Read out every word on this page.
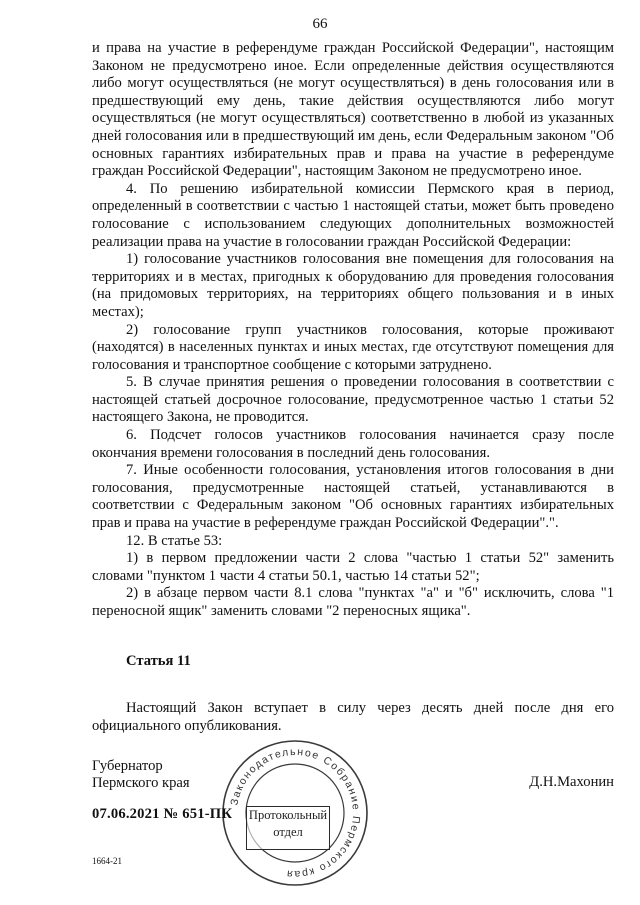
66

и права на участие в референдуме граждан Российской Федерации", настоящим Законом не предусмотрено иное. Если определенные действия осуществляются либо могут осуществляться (не могут осуществляться) в день голосования или в предшествующий ему день, такие действия осуществляются либо могут осуществляться (не могут осуществляться) соответственно в любой из указанных дней голосования или в предшествующий им день, если Федеральным законом "Об основных гарантиях избирательных прав и права на участие в референдуме граждан Российской Федерации", настоящим Законом не предусмотрено иное.

4. По решению избирательной комиссии Пермского края в период, определенный в соответствии с частью 1 настоящей статьи, может быть проведено голосование с использованием следующих дополнительных возможностей реализации права на участие в голосовании граждан Российской Федерации:

1) голосование участников голосования вне помещения для голосования на территориях и в местах, пригодных к оборудованию для проведения голосования (на придомовых территориях, на территориях общего пользования и в иных местах);

2) голосование групп участников голосования, которые проживают (находятся) в населенных пунктах и иных местах, где отсутствуют помещения для голосования и транспортное сообщение с которыми затруднено.

5. В случае принятия решения о проведении голосования в соответствии с настоящей статьей досрочное голосование, предусмотренное частью 1 статьи 52 настоящего Закона, не проводится.

6. Подсчет голосов участников голосования начинается сразу после окончания времени голосования в последний день голосования.

7. Иные особенности голосования, установления итогов голосования в дни голосования, предусмотренные настоящей статьей, устанавливаются в соответствии с Федеральным законом "Об основных гарантиях избирательных прав и права на участие в референдуме граждан Российской Федерации".".

12. В статье 53:

1) в первом предложении части 2 слова "частью 1 статьи 52" заменить словами "пунктом 1 части 4 статьи 50.1, частью 14 статьи 52";

2) в абзаце первом части 8.1 слова "пунктах "а" и "б" исключить, слова "1 переносной ящик" заменить словами "2 переносных ящика".

Статья 11

Настоящий Закон вступает в силу через десять дней после дня его официального опубликования.

Губернатор
Пермского края	Д.Н.Махонин
Законодательное Собрание Пермского края
Протокольный
отдел
07.06.2021 № 651-ПК
1664-21
